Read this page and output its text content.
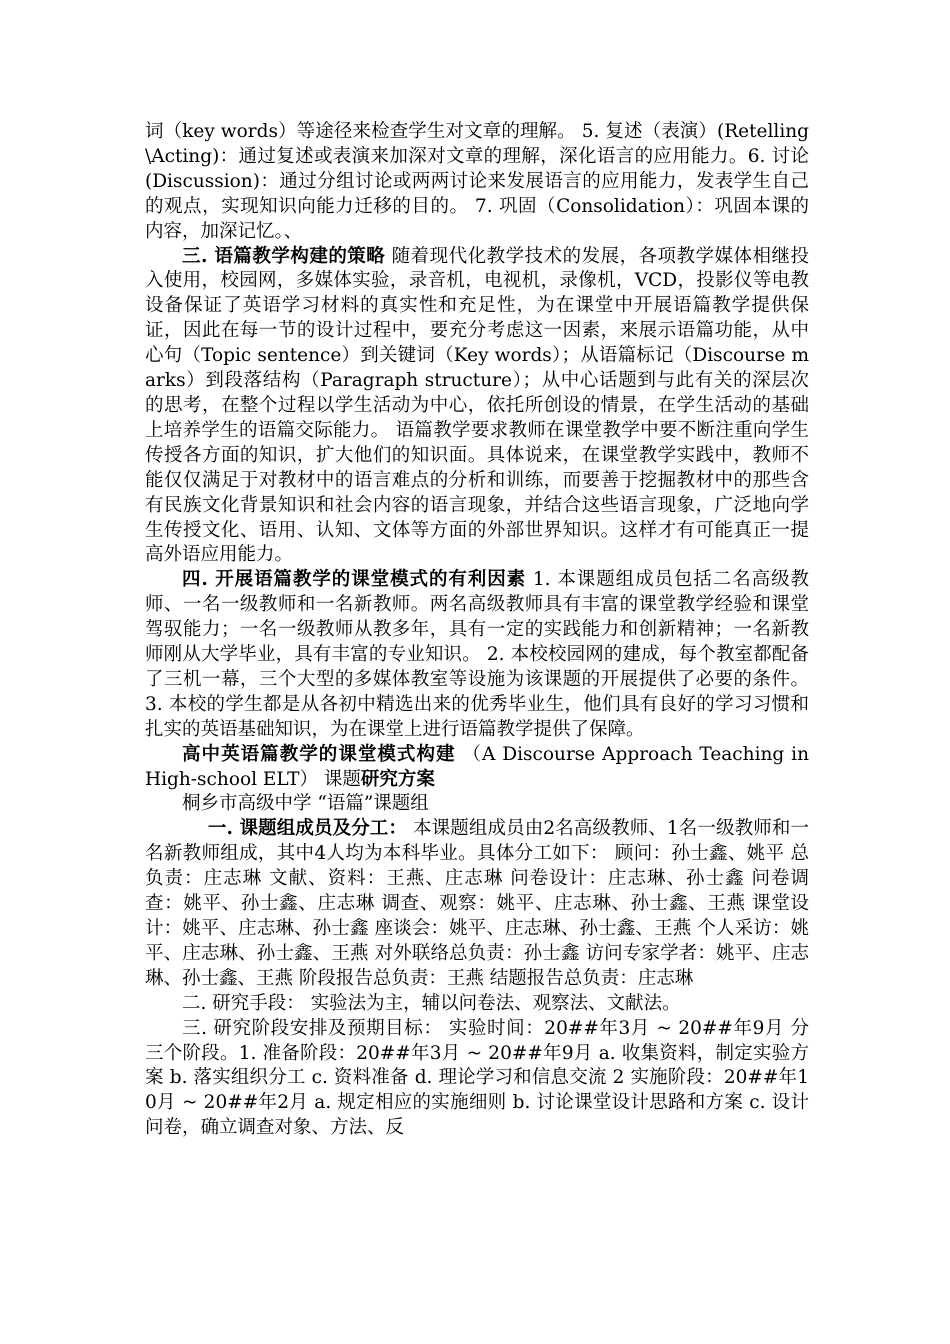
词（key words）等途径来检查学生对文章的理解。 5. 复述（表演）(Retelling\Acting)：通过复述或表演来加深对文章的理解，深化语言的应用能力。6. 讨论(Discussion)：通过分组讨论或两两讨论来发展语言的应用能力，发表学生自己的观点，实现知识向能力迁移的目的。 7. 巩固（Consolidation）：巩固本课的内容，加深记忆。、

三. 语篇教学构建的策略 随着现代化教学技术的发展，各项教学媒体相继投入使用，校园网，多媒体实验，录音机，电视机，录像机，VCD，投影仪等电教设备保证了英语学习材料的真实性和充足性，为在课堂中开展语篇教学提供保证，因此在每一节的设计过程中，要充分考虑这一因素，来展示语篇功能，从中心句（Topic sentence）到关键词（Key words）；从语篇标记（Discourse marks）到段落结构（Paragraph structure）；从中心话题到与此有关的深层次的思考，在整个过程以学生活动为中心，依托所创设的情景，在学生活动的基础上培养学生的语篇交际能力。 语篇教学要求教师在课堂教学中要不断注重向学生传授各方面的知识，扩大他们的知识面。具体说来，在课堂教学实践中，教师不能仅仅满足于对教材中的语言难点的分析和训练，而要善于挖掘教材中的那些含有民族文化背景知识和社会内容的语言现象，并结合这些语言现象，广泛地向学生传授文化、语用、认知、文体等方面的外部世界知识。这样才有可能真正一提高外语应用能力。

四. 开展语篇教学的课堂模式的有利因素 1. 本课题组成员包括二名高级教师、一名一级教师和一名新教师。两名高级教师具有丰富的课堂教学经验和课堂驾驭能力；一名一级教师从教多年，具有一定的实践能力和创新精神；一名新教师刚从大学毕业，具有丰富的专业知识。 2. 本校校园网的建成，每个教室都配备了三机一幕，三个大型的多媒体教室等设施为该课题的开展提供了必要的条件。 3. 本校的学生都是从各初中精选出来的优秀毕业生，他们具有良好的学习习惯和扎实的英语基础知识，为在课堂上进行语篇教学提供了保障。

高中英语篇教学的课堂模式构建 （A Discourse Approach Teaching in High-school ELT） 课题研究方案

桐乡市高级中学 “语篇”课题组

一. 课题组成员及分工： 本课题组成员由2名高级教师、1名一级教师和一名新教师组成，其中4人均为本科毕业。具体分工如下： 顾问：孙士鑫、姚平 总负责：庄志琳 文献、资料：王燕、庄志琳 问卷设计：庄志琳、孙士鑫 问卷调查：姚平、孙士鑫、庄志琳 调查、观察：姚平、庄志琳、孙士鑫、王燕 课堂设计：姚平、庄志琳、孙士鑫 座谈会：姚平、庄志琳、孙士鑫、王燕 个人采访：姚平、庄志琳、孙士鑫、王燕 对外联络总负责：孙士鑫 访问专家学者：姚平、庄志琳、孙士鑫、王燕 阶段报告总负责：王燕 结题报告总负责：庄志琳

二. 研究手段： 实验法为主，辅以问卷法、观察法、文献法。

三. 研究阶段安排及预期目标： 实验时间：20##年3月 ~ 20##年9月 分三个阶段。1. 准备阶段：20##年3月 ~ 20##年9月 a. 收集资料，制定实验方案 b. 落实组织分工 c. 资料准备 d. 理论学习和信息交流 2 实施阶段：20##年10月 ~ 20##年2月 a. 规定相应的实施细则 b. 讨论课堂设计思路和方案 c. 设计问卷，确立调查对象、方法、反
